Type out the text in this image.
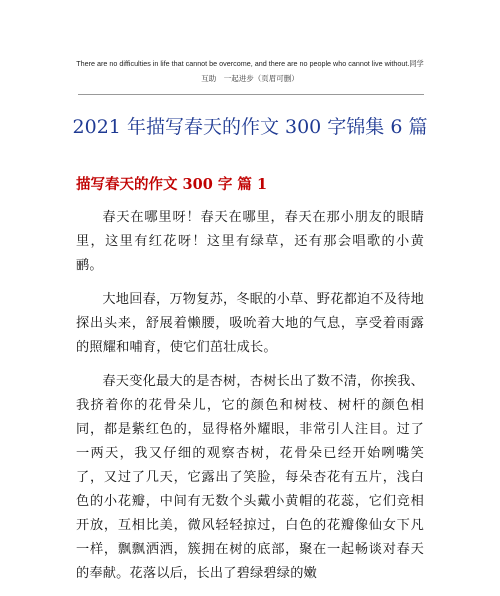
There are no difficulties in life that cannot be overcome, and there are no people who cannot live without.同学
互助　一起进步（页眉可删）
2021 年描写春天的作文 300 字锦集 6 篇
描写春天的作文 300 字 篇 1

春天在哪里呀！春天在哪里，春天在那小朋友的眼睛里，这里有红花呀！这里有绿草，还有那会唱歌的小黄鹂。

大地回春，万物复苏，冬眠的小草、野花都迫不及待地探出头来，舒展着懒腰，吸吮着大地的气息，享受着雨露的照耀和哺育，使它们茁壮成长。

春天变化最大的是杏树，杏树长出了数不清，你挨我、我挤着你的花骨朵儿，它的颜色和树枝、树杆的颜色相同，都是紫红色的，显得格外耀眼，非常引人注目。过了一两天，我又仔细的观察杏树，花骨朵已经开始咧嘴笑了，又过了几天，它露出了笑脸，每朵杏花有五片，浅白色的小花瓣，中间有无数个头戴小黄帽的花蕊，它们竞相开放，互相比美，微风轻轻掠过，白色的花瓣像仙女下凡一样，飘飘洒洒，簇拥在树的底部，聚在一起畅谈对春天的奉献。花落以后，长出了碧绿碧绿的嫩
